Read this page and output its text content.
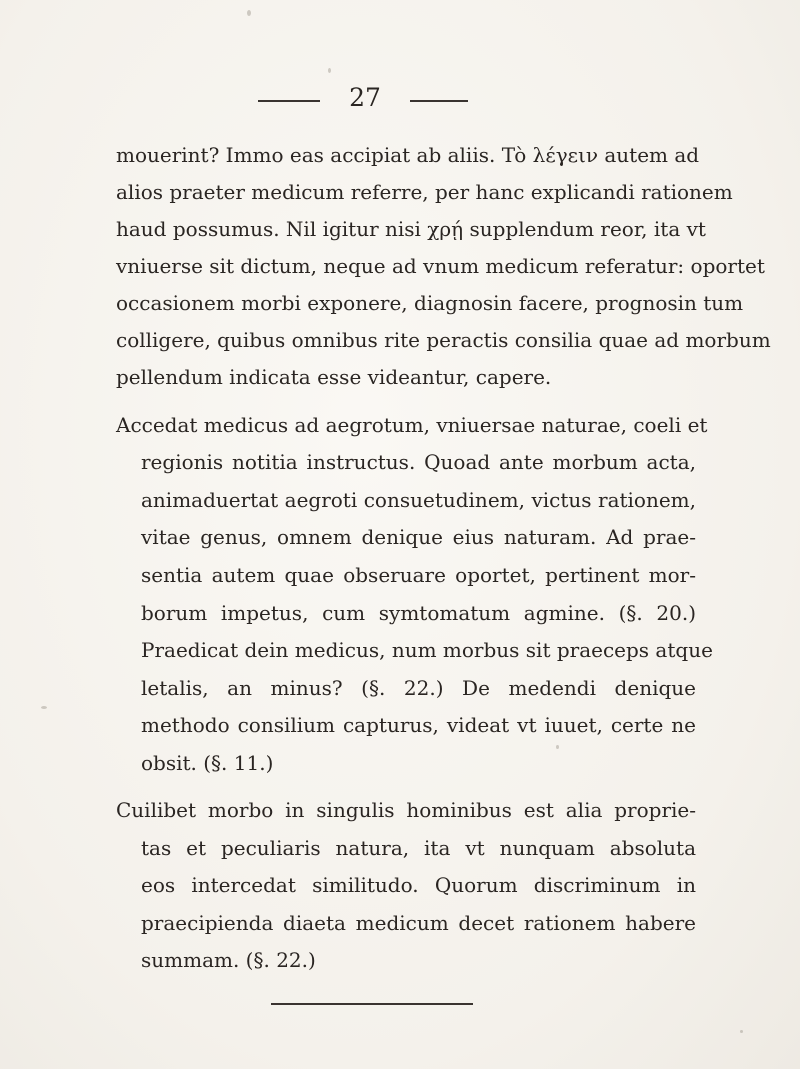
27
mouerint? Immo eas accipiat ab aliis. Tò λέγειν autem ad
alios praeter medicum referre, per hanc explicandi rationem
haud possumus. Nil igitur nisi χρῄ supplendum reor, ita vt
vniuerse sit dictum, neque ad vnum medicum referatur: oportet
occasionem morbi exponere, diagnosin facere, prognosin tum
colligere, quibus omnibus rite peractis consilia quae ad morbum
pellendum indicata esse videantur, capere.
Accedat medicus ad aegrotum, vniuersae naturae, coeli et
regionis notitia instructus. Quoad ante morbum acta,
animaduertat aegroti consuetudinem, victus rationem,
vitae genus, omnem denique eius naturam. Ad prae-
sentia autem quae obseruare oportet, pertinent mor-
borum impetus, cum symtomatum agmine. (§. 20.)
Praedicat dein medicus, num morbus sit praeceps atque
letalis, an minus? (§. 22.) De medendi denique
methodo consilium capturus, videat vt iuuet, certe ne
obsit. (§. 11.)
Cuilibet morbo in singulis hominibus est alia proprie-
tas et peculiaris natura, ita vt nunquam absoluta
eos intercedat similitudo. Quorum discriminum in
praecipienda diaeta medicum decet rationem habere
summam. (§. 22.)
